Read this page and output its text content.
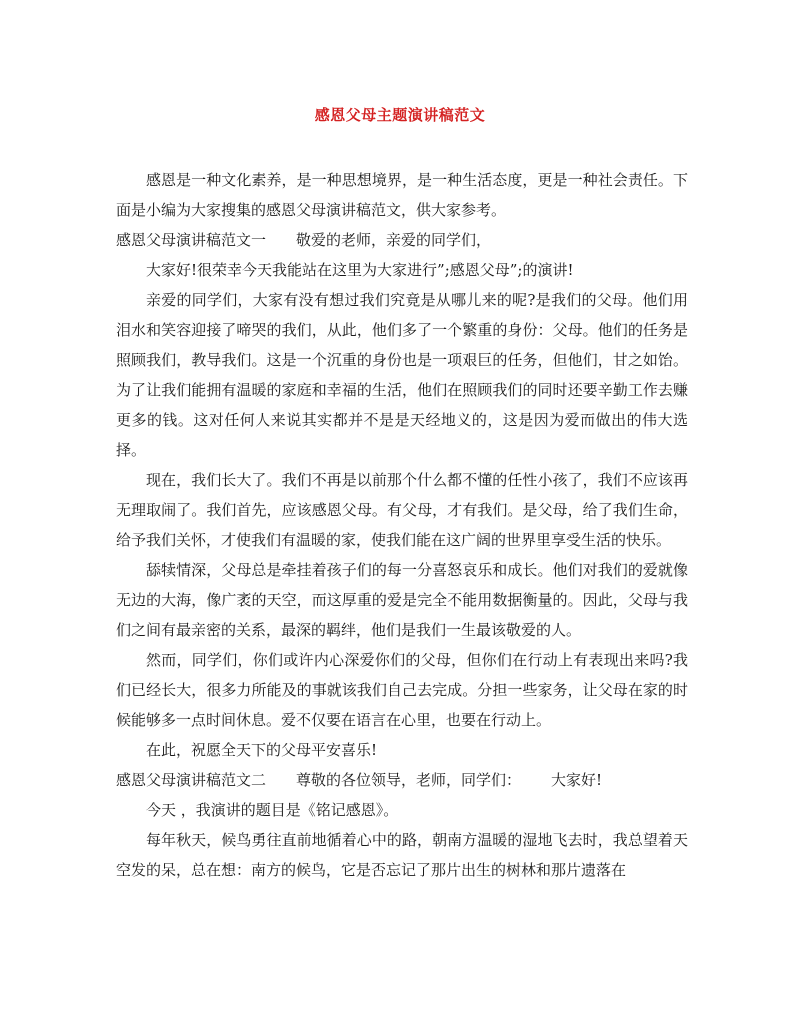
感恩父母主题演讲稿范文

感恩是一种文化素养，是一种思想境界，是一种生活态度，更是一种社会责任。下面是小编为大家搜集的感恩父母演讲稿范文，供大家参考。

感恩父母演讲稿范文一 敬爱的老师，亲爱的同学们，

大家好!很荣幸今天我能站在这里为大家进行”;感恩父母”;的演讲!

亲爱的同学们，大家有没有想过我们究竟是从哪儿来的呢?是我们的父母。他们用泪水和笑容迎接了啼哭的我们，从此，他们多了一个繁重的身份：父母。他们的任务是照顾我们，教导我们。这是一个沉重的身份也是一项艰巨的任务，但他们，甘之如饴。为了让我们能拥有温暖的家庭和幸福的生活，他们在照顾我们的同时还要辛勤工作去赚更多的钱。这对任何人来说其实都并不是是天经地义的，这是因为爱而做出的伟大选择。

现在，我们长大了。我们不再是以前那个什么都不懂的任性小孩了，我们不应该再无理取闹了。我们首先，应该感恩父母。有父母，才有我们。是父母，给了我们生命，给予我们关怀，才使我们有温暖的家，使我们能在这广阔的世界里享受生活的快乐。

舔犊情深，父母总是牵挂着孩子们的每一分喜怒哀乐和成长。他们对我们的爱就像无边的大海，像广袤的天空，而这厚重的爱是完全不能用数据衡量的。因此，父母与我们之间有最亲密的关系，最深的羁绊，他们是我们一生最该敬爱的人。

然而，同学们，你们或许内心深爱你们的父母，但你们在行动上有表现出来吗?我们已经长大，很多力所能及的事就该我们自己去完成。分担一些家务，让父母在家的时候能够多一点时间休息。爱不仅要在语言在心里，也要在行动上。

在此，祝愿全天下的父母平安喜乐!

感恩父母演讲稿范文二 尊敬的各位领导，老师，同学们： 大家好!

今天 ，我演讲的题目是《铭记感恩》。

每年秋天，候鸟勇往直前地循着心中的路，朝南方温暖的湿地飞去时，我总望着天空发的呆，总在想：南方的候鸟，它是否忘记了那片出生的树林和那片遗落在
